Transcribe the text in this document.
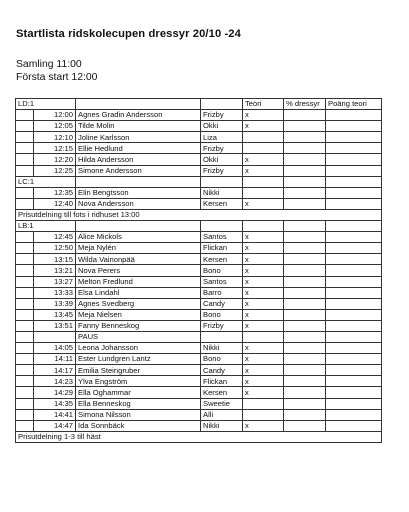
Startlista ridskolecupen dressyr 20/10 -24
Samling 11:00
Första start 12:00
LD:1				Teori	% dressyr	Poäng teori
	12:00	Agnes Gradin Andersson	Frizby	x		
	12:05	Tilde Molin	Okki	x		
	12:10	Joline Karlsson	Liza			
	12:15	Ellie Hedlund	Frizby			
	12:20	Hilda Andersson	Okki	x		
	12:25	Simone Andersson	Frizby	x		
LC:1						
	12:35	Elin Bengtsson	Nikki			
	12:40	Nova Andersson	Kersen	x		
Prisutdelning till fots i ridhuset 13:00						
LB:1						
	12:45	Alice Mickols	Santos	x		
	12:50	Meja Nylén	Flickan	x		
	13:15	Wilda Vainonpää	Kersen	x		
	13:21	Nova Perers	Bono	x		
	13:27	Melton Fredlund	Santos	x		
	13:33	Elsa Lindahl	Barro	x		
	13:39	Agnes Svedberg	Candy	x		
	13:45	Meja Nielsen	Bono	x		
	13:51	Fanny Benneskog	Frizby	x		
		PAUS				
	14:05	Leona Johansson	Nikki	x		
	14:11	Ester Lundgren Lantz	Bono	x		
	14:17	Emilia Steingruber	Candy	x		
	14:23	Ylva Engström	Flickan	x		
	14:29	Ella Oghammar	Kersen	x		
	14:35	Ella Benneskog	Sweetie			
	14:41	Simona Nilsson	Alli			
	14:47	Ida Sonnbäck	Nikki	x		
Prisutdelning 1-3 till häst						
